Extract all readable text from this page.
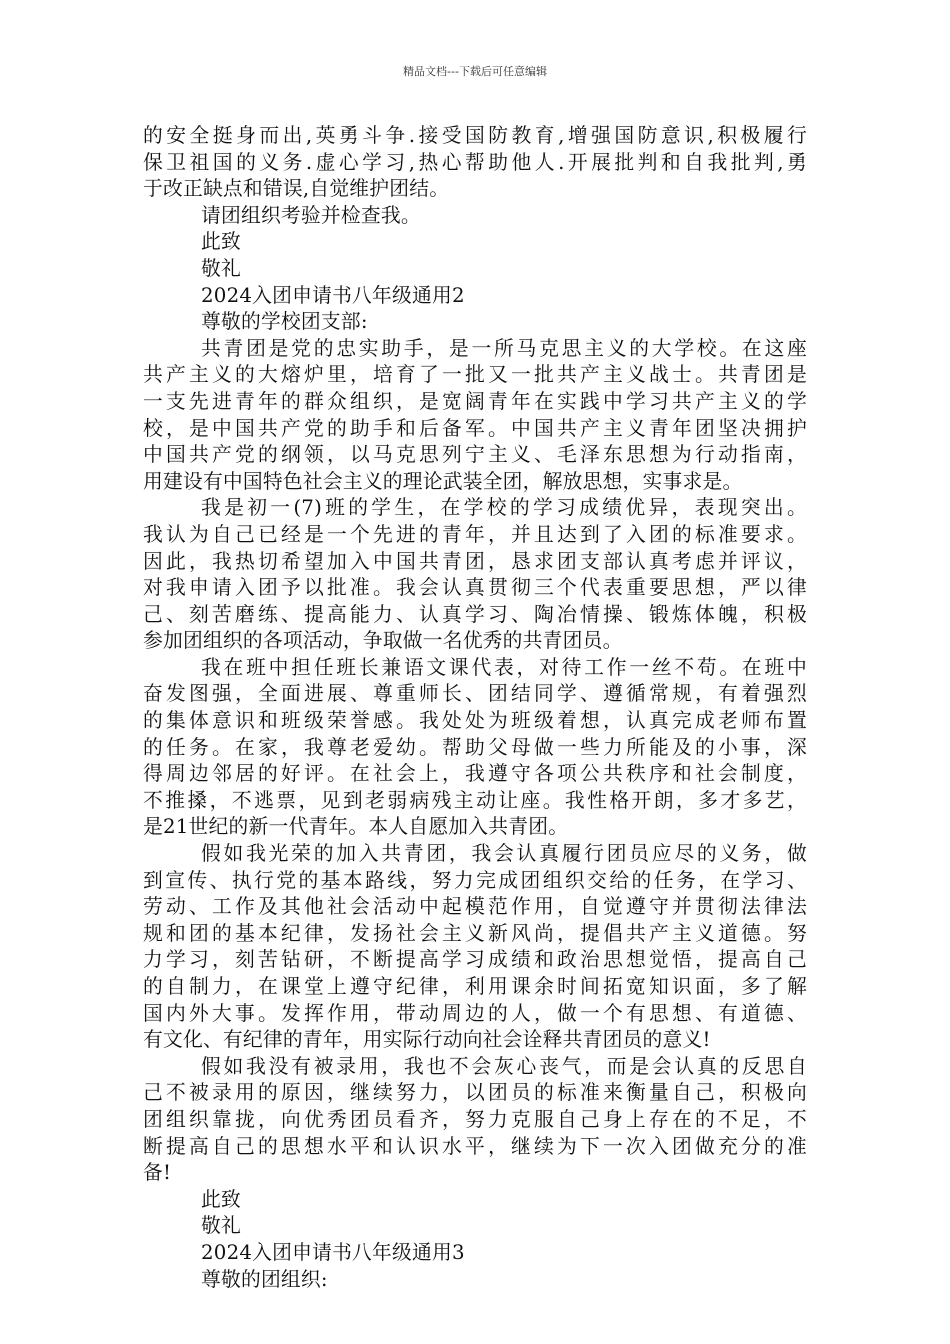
精品文档---下载后可任意编辑

的安全挺身而出,英勇斗争.接受国防教育,增强国防意识,积极履行
保卫祖国的义务.虚心学习,热心帮助他人.开展批判和自我批判,勇
于改正缺点和错误,自觉维护团结。

请团组织考验并检查我。

此致

敬礼

2024入团申请书八年级通用2

尊敬的学校团支部:

共青团是党的忠实助手，是一所马克思主义的大学校。在这座
共产主义的大熔炉里，培育了一批又一批共产主义战士。共青团是
一支先进青年的群众组织，是宽阔青年在实践中学习共产主义的学
校，是中国共产党的助手和后备军。中国共产主义青年团坚决拥护
中国共产党的纲领，以马克思列宁主义、毛泽东思想为行动指南，
用建设有中国特色社会主义的理论武装全团，解放思想，实事求是。

我是初一(7)班的学生，在学校的学习成绩优异，表现突出。
我认为自己已经是一个先进的青年，并且达到了入团的标准要求。
因此，我热切希望加入中国共青团，恳求团支部认真考虑并评议，
对我申请入团予以批准。我会认真贯彻三个代表重要思想，严以律
己、刻苦磨练、提高能力、认真学习、陶冶情操、锻炼体魄，积极
参加团组织的各项活动，争取做一名优秀的共青团员。

我在班中担任班长兼语文课代表，对待工作一丝不苟。在班中
奋发图强，全面进展、尊重师长、团结同学、遵循常规，有着强烈
的集体意识和班级荣誉感。我处处为班级着想，认真完成老师布置
的任务。在家，我尊老爱幼。帮助父母做一些力所能及的小事，深
得周边邻居的好评。在社会上，我遵守各项公共秩序和社会制度，
不推搡，不逃票，见到老弱病残主动让座。我性格开朗，多才多艺，
是21世纪的新一代青年。本人自愿加入共青团。

假如我光荣的加入共青团，我会认真履行团员应尽的义务，做
到宣传、执行党的基本路线，努力完成团组织交给的任务，在学习、
劳动、工作及其他社会活动中起模范作用，自觉遵守并贯彻法律法
规和团的基本纪律，发扬社会主义新风尚，提倡共产主义道德。努
力学习，刻苦钻研，不断提高学习成绩和政治思想觉悟，提高自己
的自制力，在课堂上遵守纪律，利用课余时间拓宽知识面，多了解
国内外大事。发挥作用，带动周边的人，做一个有思想、有道德、
有文化、有纪律的青年，用实际行动向社会诠释共青团员的意义!

假如我没有被录用，我也不会灰心丧气，而是会认真的反思自
己不被录用的原因，继续努力，以团员的标准来衡量自己，积极向
团组织靠拢，向优秀团员看齐，努力克服自己身上存在的不足，不
断提高自己的思想水平和认识水平，继续为下一次入团做充分的准
备!

此致

敬礼

2024入团申请书八年级通用3

尊敬的团组织:
